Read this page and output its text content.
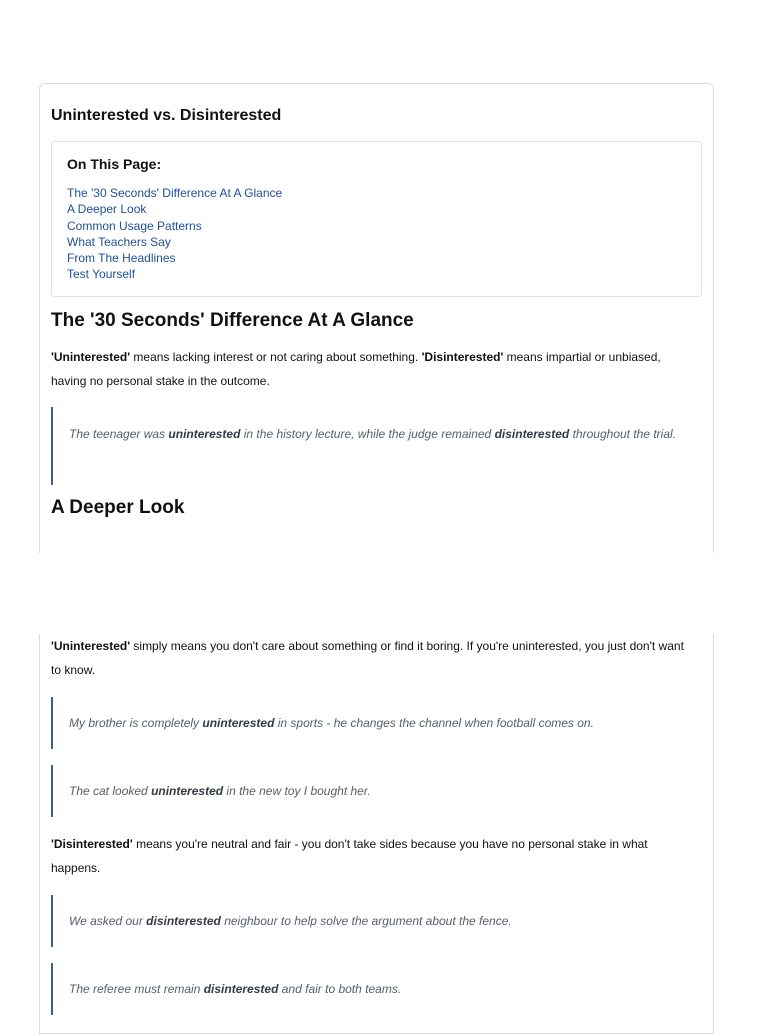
Uninterested vs. Disinterested
On This Page:
The '30 Seconds' Difference At A Glance
A Deeper Look
Common Usage Patterns
What Teachers Say
From The Headlines
Test Yourself
The '30 Seconds' Difference At A Glance

'Uninterested' means lacking interest or not caring about something. 'Disinterested' means impartial or unbiased, having no personal stake in the outcome.

The teenager was uninterested in the history lecture, while the judge remained disinterested throughout the trial.
A Deeper Look

'Uninterested' simply means you don't care about something or find it boring. If you're uninterested, you just don't want to know.

My brother is completely uninterested in sports - he changes the channel when football comes on.
The cat looked uninterested in the new toy I bought her.

'Disinterested' means you're neutral and fair - you don't take sides because you have no personal stake in what happens.

We asked our disinterested neighbour to help solve the argument about the fence.
The referee must remain disinterested and fair to both teams.
